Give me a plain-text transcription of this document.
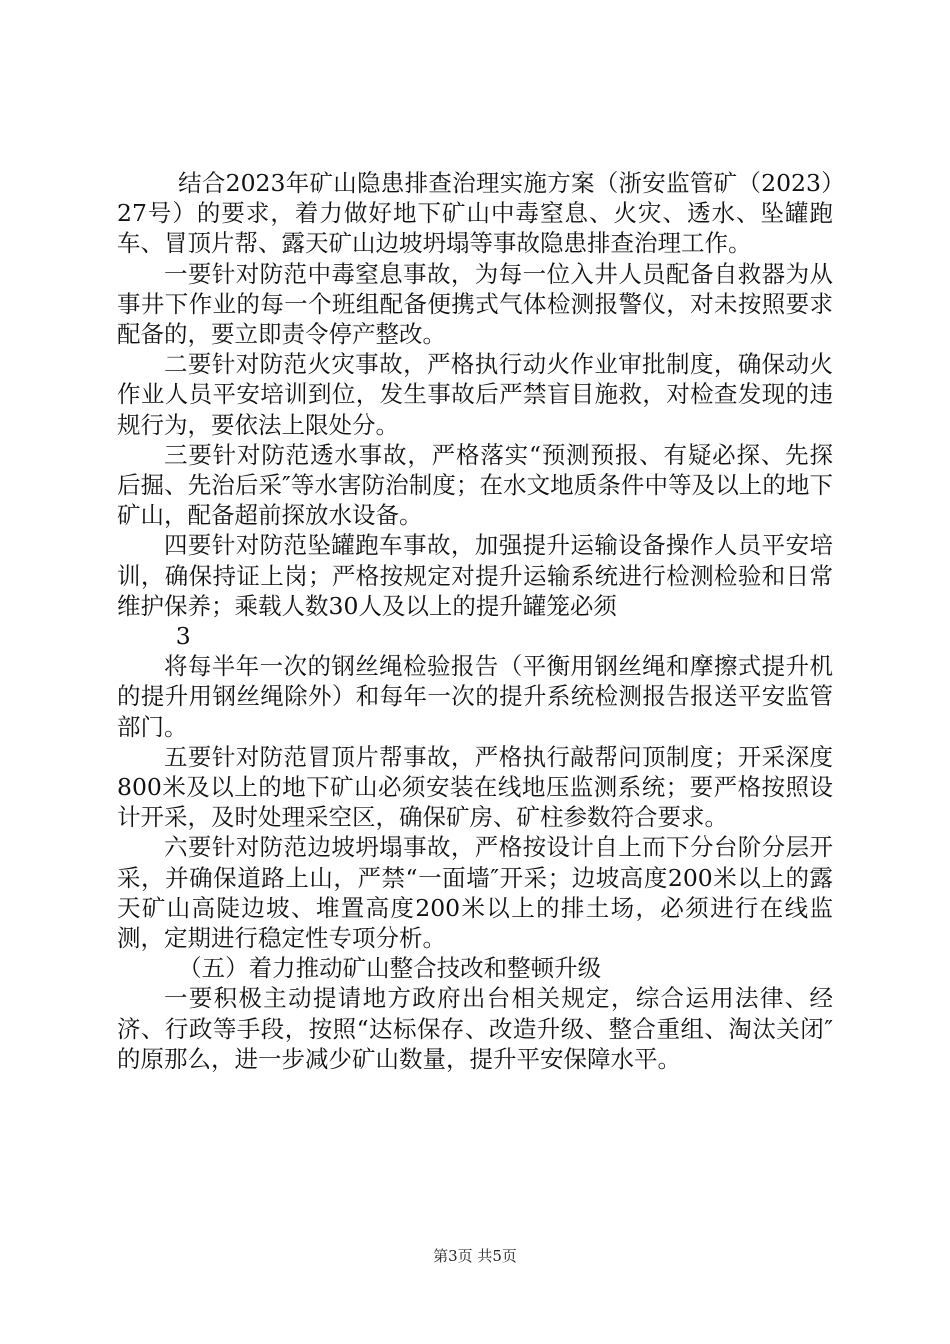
结合2023年矿山隐患排查治理实施方案（浙安监管矿（2023）27号）的要求，着力做好地下矿山中毒窒息、火灾、透水、坠罐跑车、冒顶片帮、露天矿山边坡坍塌等事故隐患排查治理工作。

一要针对防范中毒窒息事故，为每一位入井人员配备自救器为从事井下作业的每一个班组配备便携式气体检测报警仪，对未按照要求配备的，要立即责令停产整改。

二要针对防范火灾事故，严格执行动火作业审批制度，确保动火作业人员平安培训到位，发生事故后严禁盲目施救，对检查发现的违规行为，要依法上限处分。

三要针对防范透水事故，严格落实“预测预报、有疑必探、先探后掘、先治后采″等水害防治制度；在水文地质条件中等及以上的地下矿山，配备超前探放水设备。

四要针对防范坠罐跑车事故，加强提升运输设备操作人员平安培训，确保持证上岗；严格按规定对提升运输系统进行检测检验和日常维护保养；乘载人数30人及以上的提升罐笼必须

3

将每半年一次的钢丝绳检验报告（平衡用钢丝绳和摩擦式提升机的提升用钢丝绳除外）和每年一次的提升系统检测报告报送平安监管部门。

五要针对防范冒顶片帮事故，严格执行敲帮问顶制度；开采深度800米及以上的地下矿山必须安装在线地压监测系统；要严格按照设计开采，及时处理采空区，确保矿房、矿柱参数符合要求。

六要针对防范边坡坍塌事故，严格按设计自上而下分台阶分层开采，并确保道路上山，严禁“一面墙″开采；边坡高度200米以上的露天矿山高陡边坡、堆置高度200米以上的排土场，必须进行在线监测，定期进行稳定性专项分析。

（五）着力推动矿山整合技改和整顿升级

一要积极主动提请地方政府出台相关规定，综合运用法律、经济、行政等手段，按照“达标保存、改造升级、整合重组、淘汰关闭″的原那么，进一步减少矿山数量，提升平安保障水平。

第3页 共5页
